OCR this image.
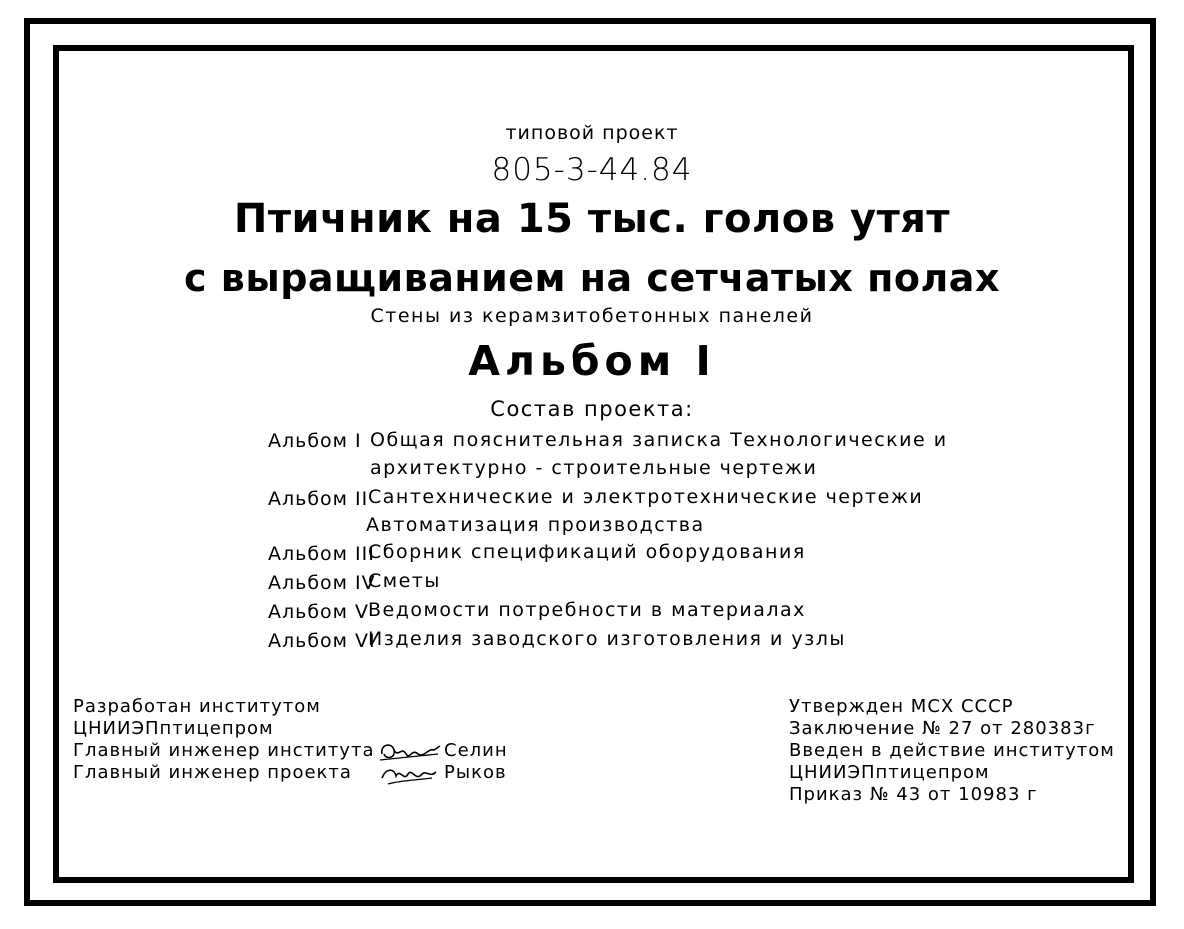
типовой проект
805-3-44.84
Птичник на 15 тыс. голов утят
с выращиванием на сетчатых полах
Стены из керамзитобетонных панелей
Альбом I
Состав проекта:
Альбом I Общая пояснительная записка Технологические и
архитектурно - строительные чертежи
Альбом II Сантехнические и электротехнические чертежи
Автоматизация производства
Альбом III
Сборник спецификаций оборудования
Альбом IV
Сметы
Альбом V
Ведомости потребности в материалах
Альбом VI
Изделия заводского изготовления и узлы
Разработан институтом
ЦНИИЭПптицепром
Главный инженер института
Главный инженер проекта
Селин
Рыков
Утвержден МСХ СССР
Заключение № 27 от 280383г
Введен в действие институтом
ЦНИИЭПптицепром
Приказ № 43 от 10983 г
